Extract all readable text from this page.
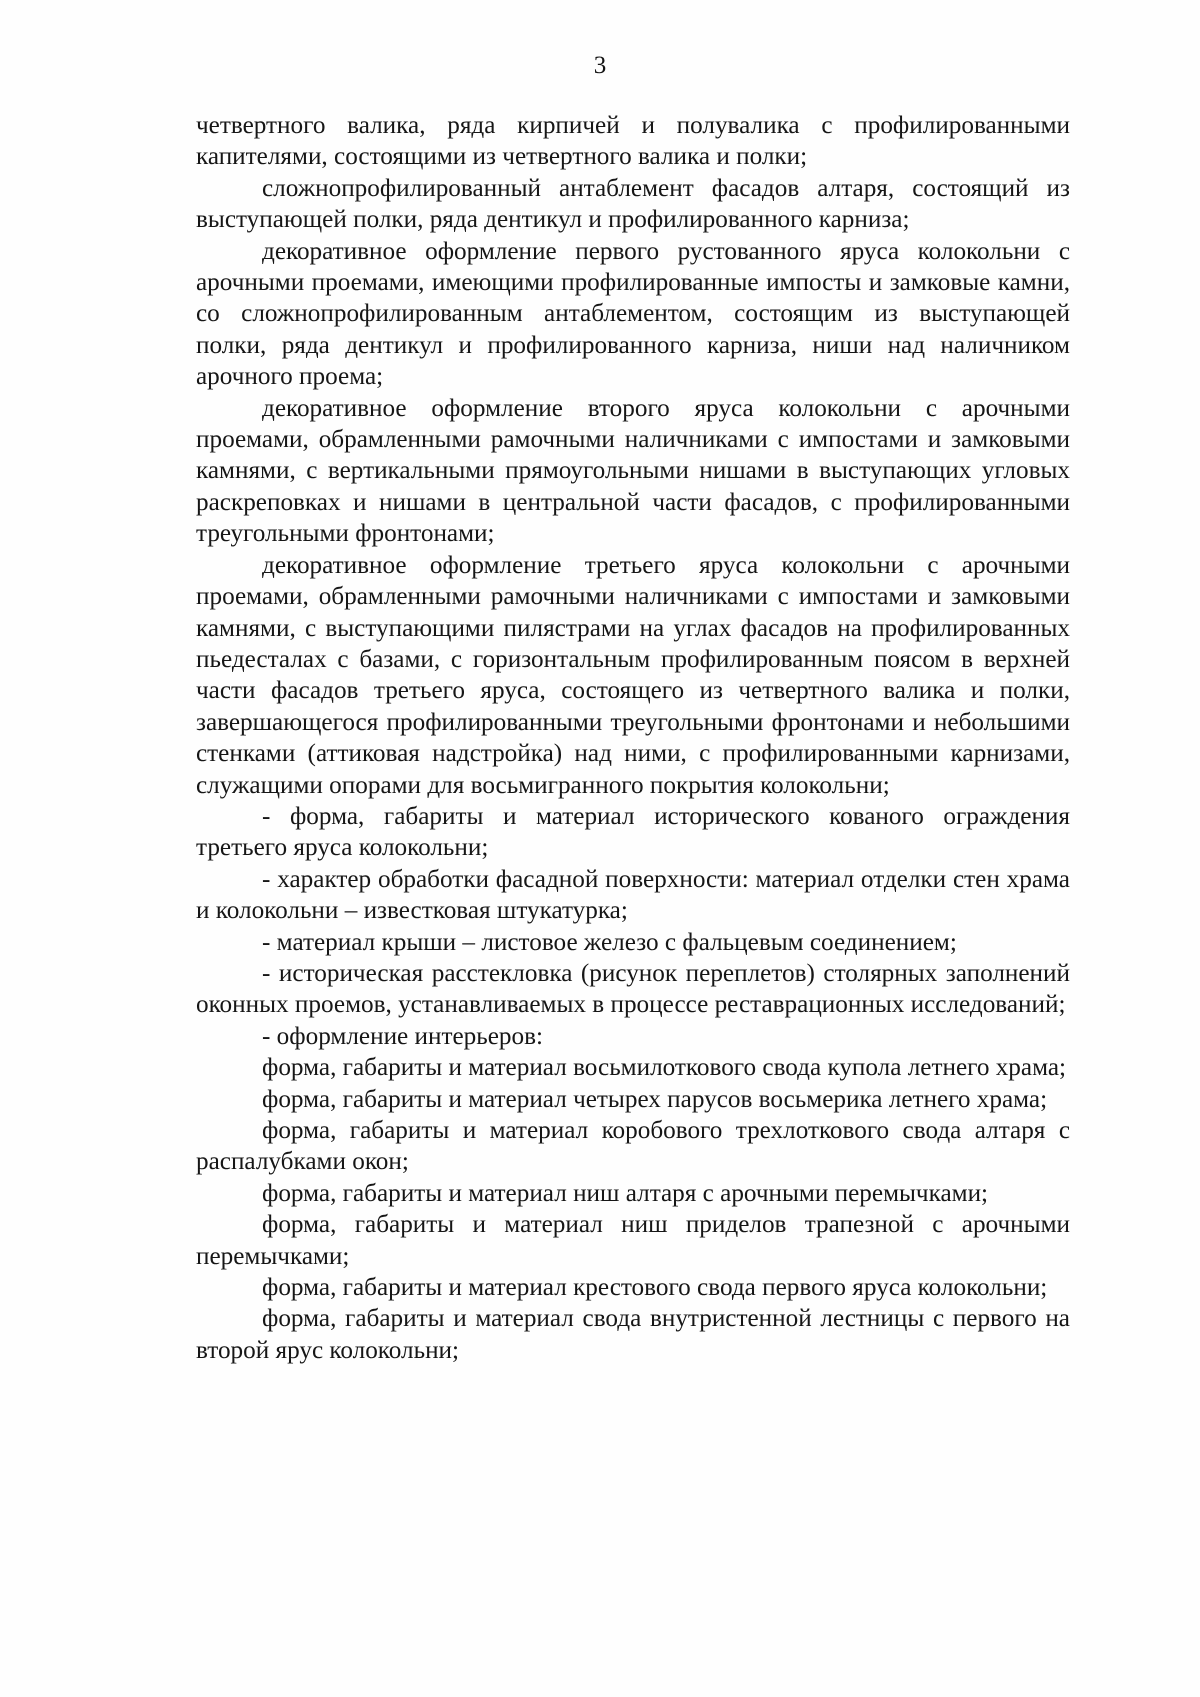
3

четвертного валика, ряда кирпичей и полувалика с профилированными капителями, состоящими из четвертного валика и полки;

сложнопрофилированный антаблемент фасадов алтаря, состоящий из выступающей полки, ряда дентикул и профилированного карниза;

декоративное оформление первого рустованного яруса колокольни с арочными проемами, имеющими профилированные импосты и замковые камни, со сложнопрофилированным антаблементом, состоящим из выступающей полки, ряда дентикул и профилированного карниза, ниши над наличником арочного проема;

декоративное оформление второго яруса колокольни с арочными проемами, обрамленными рамочными наличниками с импостами и замковыми камнями, с вертикальными прямоугольными нишами в выступающих угловых раскреповках и нишами в центральной части фасадов, с профилированными треугольными фронтонами;

декоративное оформление третьего яруса колокольни с арочными проемами, обрамленными рамочными наличниками с импостами и замковыми камнями, с выступающими пилястрами на углах фасадов на профилированных пьедесталах с базами, с горизонтальным профилированным поясом в верхней части фасадов третьего яруса, состоящего из четвертного валика и полки, завершающегося профилированными треугольными фронтонами и небольшими стенками (аттиковая надстройка) над ними, с профилированными карнизами, служащими опорами для восьмигранного покрытия колокольни;

- форма, габариты и материал исторического кованого ограждения третьего яруса колокольни;

- характер обработки фасадной поверхности: материал отделки стен храма и колокольни – известковая штукатурка;

- материал крыши – листовое железо с фальцевым соединением;

- историческая расстекловка (рисунок переплетов) столярных заполнений оконных проемов, устанавливаемых в процессе реставрационных исследований;

- оформление интерьеров:

форма, габариты и материал восьмилоткового свода купола летнего храма;

форма, габариты и материал четырех парусов восьмерика летнего храма;

форма, габариты и материал коробового трехлоткового свода алтаря с распалубками окон;

форма, габариты и материал ниш алтаря с арочными перемычками;

форма, габариты и материал ниш приделов трапезной с арочными перемычками;

форма, габариты и материал крестового свода первого яруса колокольни;

форма, габариты и материал свода внутристенной лестницы с первого на второй ярус колокольни;
